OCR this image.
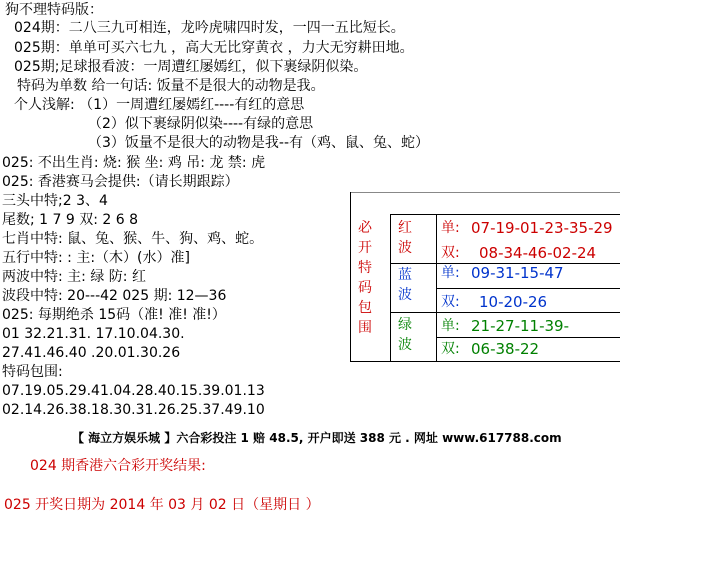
狗不理特码版：
024期：二八三九可相连，龙吟虎啸四时发，一四一五比短长。
025期：单单可买六七九 ，高大无比穿黄衣 ，力大无穷耕田地。
025期;足球报看波：一周遭红屡嫣红，似下裹绿阴似染。
特码为单数 给一句话: 饭量不是很大的动物是我。
个人浅解: （1）一周遭红屡嫣红----有红的意思
（2）似下裹绿阴似染----有绿的意思
（3）饭量不是很大的动物是我--有（鸡、鼠、兔、蛇）
025: 不出生肖: 烧: 猴 坐: 鸡 吊: 龙 禁: 虎
025: 香港赛马会提供:（请长期跟踪）
三头中特;2 3、4
尾数; 1 7 9 双: 2 6 8
七肖中特: 鼠、兔、猴、牛、狗、鸡、蛇。
五行中特: : 主:（木）(水）准]
两波中特: 主: 绿 防: 红
波段中特: 20---42 025 期: 12—36
025: 每期绝杀 15码（准! 准! 准!）
01 32.21.31. 17.10.04.30.
27.41.46.40 .20.01.30.26
特码包围:
07.19.05.29.41.04.28.40.15.39.01.13
02.14.26.38.18.30.31.26.25.37.49.10
必开特码包围
红波
蓝波
绿波
单: 07-19-01-23-35-29
双: 08-34-46-02-24
单: 09-31-15-47
双: 10-20-26
单: 21-27-11-39-
双: 06-38-22
【 海立方娱乐城 】六合彩投注 1 赔 48.5, 开户即送 388 元 . 网址 www.617788.com
024 期香港六合彩开奖结果:
025 开奖日期为 2014 年 03 月 02 日（星期日 ）
